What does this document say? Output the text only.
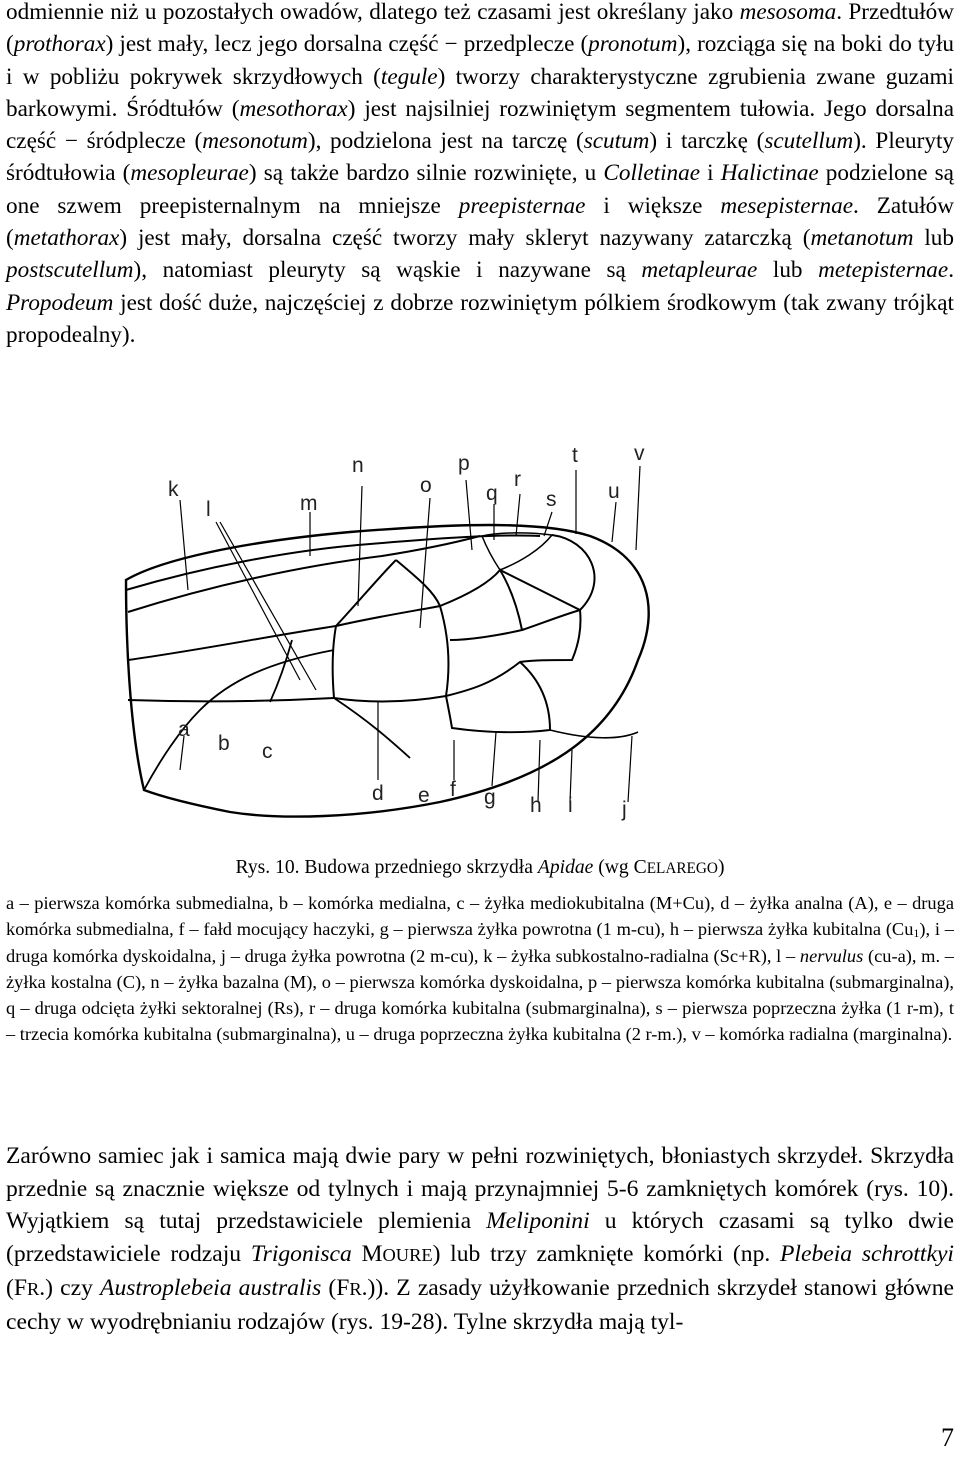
odmiennie niż u pozostałych owadów, dlatego też czasami jest określany jako mesosoma. Przedtułów (prothorax) jest mały, lecz jego dorsalna część − przedplecze (pronotum), rozciąga się na boki do tyłu i w pobliżu pokrywek skrzydłowych (tegule) tworzy charakterystyczne zgrubienia zwane guzami barkowymi. Śródtułów (mesothorax) jest najsilniej rozwiniętym segmentem tułowia. Jego dorsalna część − śródplecze (mesonotum), podzielona jest na tarczę (scutum) i tarczkę (scutellum). Pleuryty śródtułowia (mesopleurae) są także bardzo silnie rozwinięte, u Colletinae i Halictinae podzielone są one szwem preepisternalnym na mniejsze preepisternae i większe mesepisternae. Zatułów (metathorax) jest mały, dorsalna część tworzy mały skleryt nazywany zatarczką (metanotum lub postscutellum), natomiast pleuryty są wąskie i nazywane są metapleurae lub metepisternae. Propodeum jest dość duże, najczęściej z dobrze rozwiniętym pólkiem środkowym (tak zwany trójkąt propodealny).

k
l	m
n
o
p
q
r
s
t
u
v
a
b c
d e f g h i j

Rys. 10. Budowa przedniego skrzydła Apidae (wg CELAREGO)

a – pierwsza komórka submedialna, b – komórka medialna, c – żyłka mediokubitalna (M+Cu), d – żyłka analna (A), e – druga komórka submedialna, f – fałd mocujący haczyki, g – pierwsza żyłka powrotna (1 m-cu), h – pierwsza żyłka kubitalna $(Cu_1)$, i – druga komórka dyskoidalna, j – druga żyłka powrotna (2 m-cu), k – żyłka subkostalno-radialna (Sc+R), l – nervulus (cu-a), m. – żyłka kostalna (C), n – żyłka bazalna (M), o – pierwsza komórka dyskoidalna, p – pierwsza komórka kubitalna (submarginalna), q – druga odcięta żyłki sektoralnej (Rs), r – druga komórka kubitalna (submarginalna), s – pierwsza poprzeczna żyłka (1 r-m), t – trzecia komórka kubitalna (submarginalna), u – druga poprzeczna żyłka kubitalna (2 r-m.), v – komórka radialna (marginalna).

Zarówno samiec jak i samica mają dwie pary w pełni rozwiniętych, błoniastych skrzydeł. Skrzydła przednie są znacznie większe od tylnych i mają przynajmniej 5-6 zamkniętych komórek (rys. 10). Wyjątkiem są tutaj przedstawiciele plemienia Meliponini u których czasami są tylko dwie (przedstawiciele rodzaju Trigonisca MOURE) lub trzy zamknięte komórki (np. Plebeia schrottkyi (FR.) czy Austroplebeia australis (FR.)). Z zasady użyłkowanie przednich skrzydeł stanowi główne cechy w wyodrębnianiu rodzajów (rys. 19-28). Tylne skrzydła mają tyl-

7
